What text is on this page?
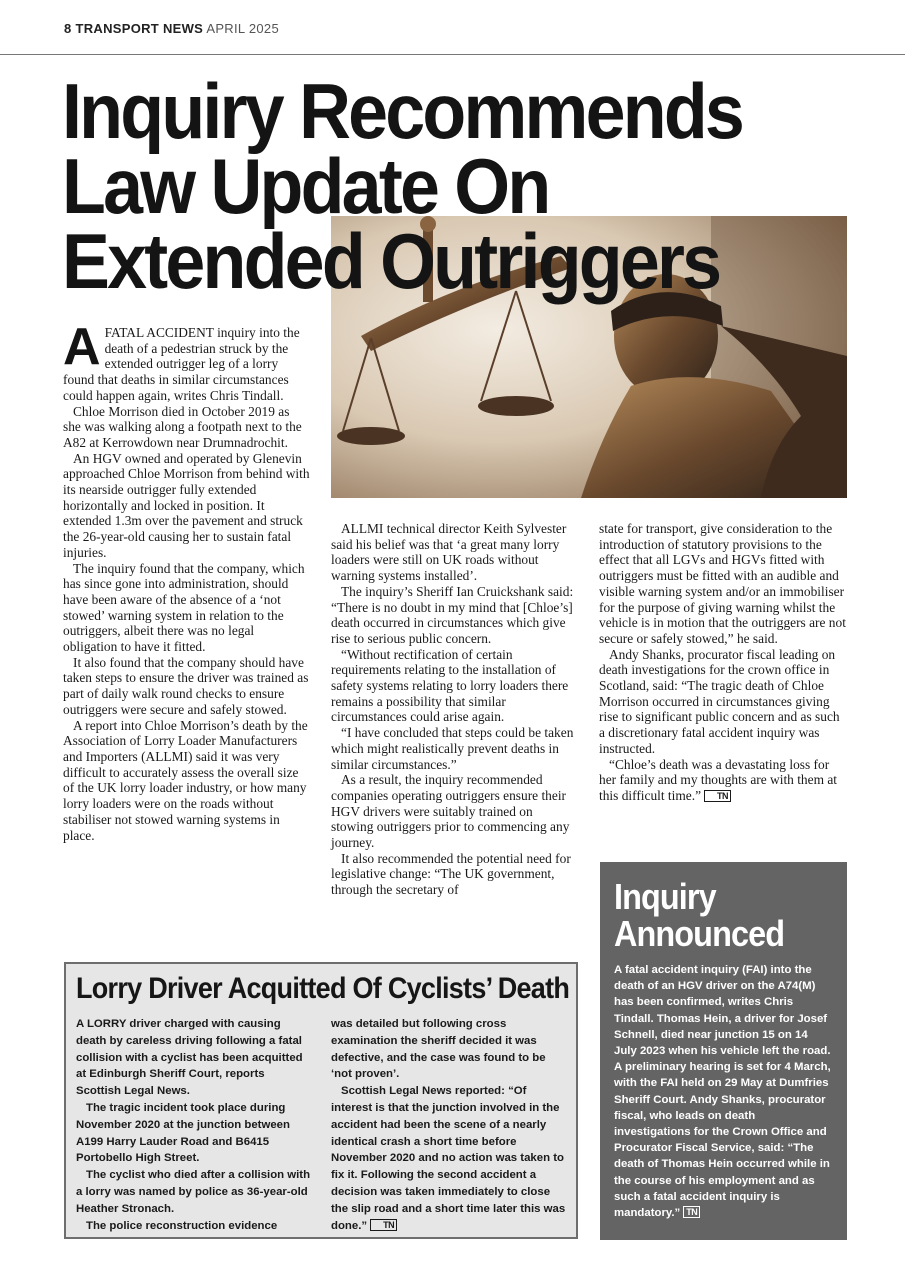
8 TRANSPORT NEWS APRIL 2025
Inquiry Recommends Law Update On Extended Outriggers
A FATAL ACCIDENT inquiry into the death of a pedestrian struck by the extended outrigger leg of a lorry found that deaths in similar circumstances could happen again, writes Chris Tindall.

Chloe Morrison died in October 2019 as she was walking along a footpath next to the A82 at Kerrowdown near Drumnadrochit.

An HGV owned and operated by Glenevin approached Chloe Morrison from behind with its nearside outrigger fully extended horizontally and locked in position. It extended 1.3m over the pavement and struck the 26-year-old causing her to sustain fatal injuries.

The inquiry found that the company, which has since gone into administration, should have been aware of the absence of a ‘not stowed’ warning system in relation to the outriggers, albeit there was no legal obligation to have it fitted.

It also found that the company should have taken steps to ensure the driver was trained as part of daily walk round checks to ensure outriggers were secure and safely stowed.

A report into Chloe Morrison’s death by the Association of Lorry Loader Manufacturers and Importers (ALLMI) said it was very difficult to accurately assess the overall size of the UK lorry loader industry, or how many lorry loaders were on the roads without stabiliser not stowed warning systems in place.

ALLMI technical director Keith Sylvester said his belief was that ‘a great many lorry loaders were still on UK roads without warning systems installed’.

The inquiry’s Sheriff Ian Cruickshank said: “There is no doubt in my mind that [Chloe’s] death occurred in circumstances which give rise to serious public concern.

“Without rectification of certain requirements relating to the installation of safety systems relating to lorry loaders there remains a possibility that similar circumstances could arise again.

“I have concluded that steps could be taken which might realistically prevent deaths in similar circumstances.”

As a result, the inquiry recommended companies operating outriggers ensure their HGV drivers were suitably trained on stowing outriggers prior to commencing any journey.

It also recommended the potential need for legislative change: “The UK government, through the secretary of

state for transport, give consideration to the introduction of statutory provisions to the effect that all LGVs and HGVs fitted with outriggers must be fitted with an audible and visible warning system and/or an immobiliser for the purpose of giving warning whilst the vehicle is in motion that the outriggers are not secure or safely stowed,” he said.

Andy Shanks, procurator fiscal leading on death investigations for the crown office in Scotland, said: “The tragic death of Chloe Morrison occurred in circumstances giving rise to significant public concern and as such a discretionary fatal accident inquiry was instructed.

“Chloe’s death was a devastating loss for her family and my thoughts are with them at this difficult time.” TN

Inquiry
Announced

A fatal accident inquiry (FAI) into the death of an HGV driver on the A74(M) has been confirmed, writes Chris Tindall. Thomas Hein, a driver for Josef Schnell, died near junction 15 on 14 July 2023 when his vehicle left the road. A preliminary hearing is set for 4 March, with the FAI held on 29 May at Dumfries Sheriff Court. Andy Shanks, procurator fiscal, who leads on death investigations for the Crown Office and Procurator Fiscal Service, said: “The death of Thomas Hein occurred while in the course of his employment and as such a fatal accident inquiry is mandatory.” TN

Lorry Driver Acquitted Of Cyclists’ Death

A LORRY driver charged with causing death by careless driving following a fatal collision with a cyclist has been acquitted at Edinburgh Sheriff Court, reports Scottish Legal News.

The tragic incident took place during November 2020 at the junction between A199 Harry Lauder Road and B6415 Portobello High Street.

The cyclist who died after a collision with a lorry was named by police as 36-year-old Heather Stronach.

The police reconstruction evidence

was detailed but following cross examination the sheriff decided it was defective, and the case was found to be ‘not proven’.

Scottish Legal News reported: “Of interest is that the junction involved in the accident had been the scene of a nearly identical crash a short time before November 2020 and no action was taken to fix it. Following the second accident a decision was taken immediately to close the slip road and a short time later this was done.” TN
